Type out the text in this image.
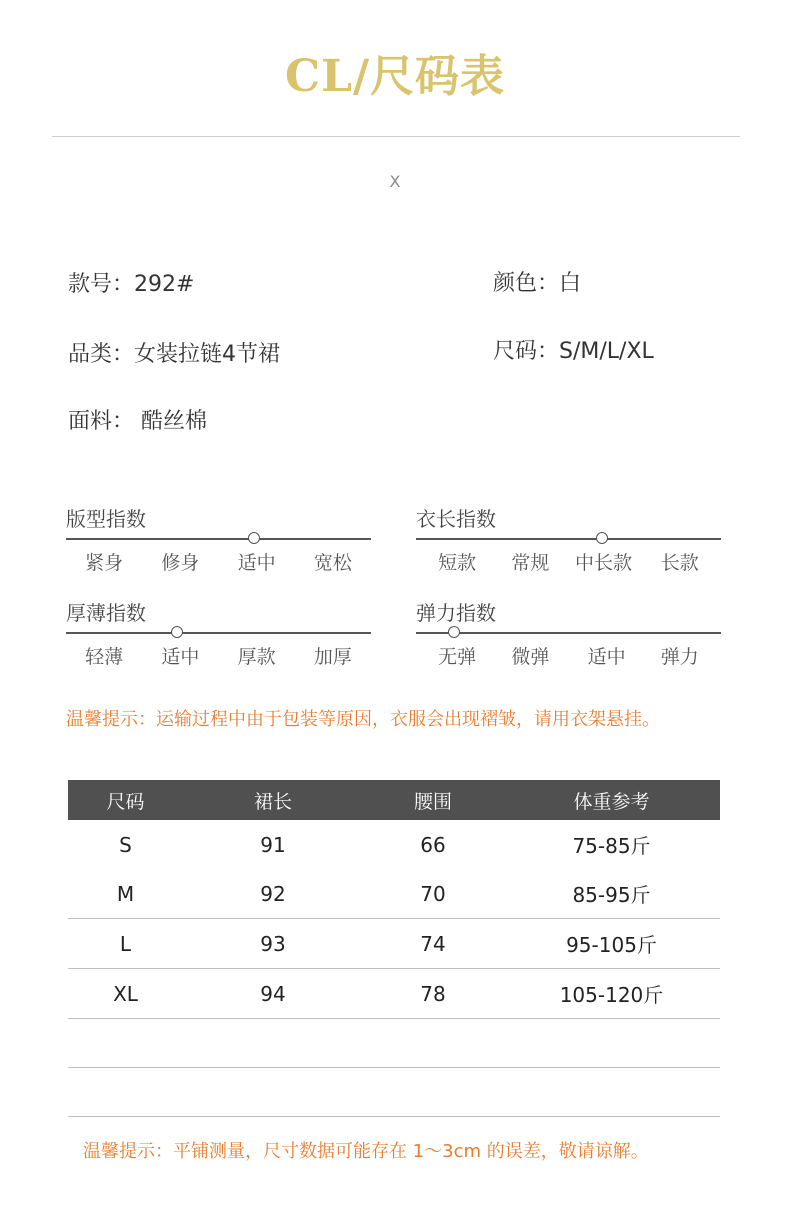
CL/尺码表
X
款号：292#	颜色：白
品类：女装拉链4节裙	尺码：S/M/L/XL
面料： 酷丝棉
版型指数
紧身	修身	适中	宽松
衣长指数
短款	常规	中长款	长款
厚薄指数
轻薄	适中	厚款	加厚
弹力指数
无弹	微弹	适中	弹力
温馨提示：运输过程中由于包装等原因，衣服会出现褶皱，请用衣架悬挂。
尺码	裙长	腰围	体重参考
S	91	66	75-85斤
M	92	70	85-95斤
L	93	74	95-105斤
XL	94	78	105-120斤

温馨提示：平铺测量，尺寸数据可能存在 1～3cm 的误差，敬请谅解。
